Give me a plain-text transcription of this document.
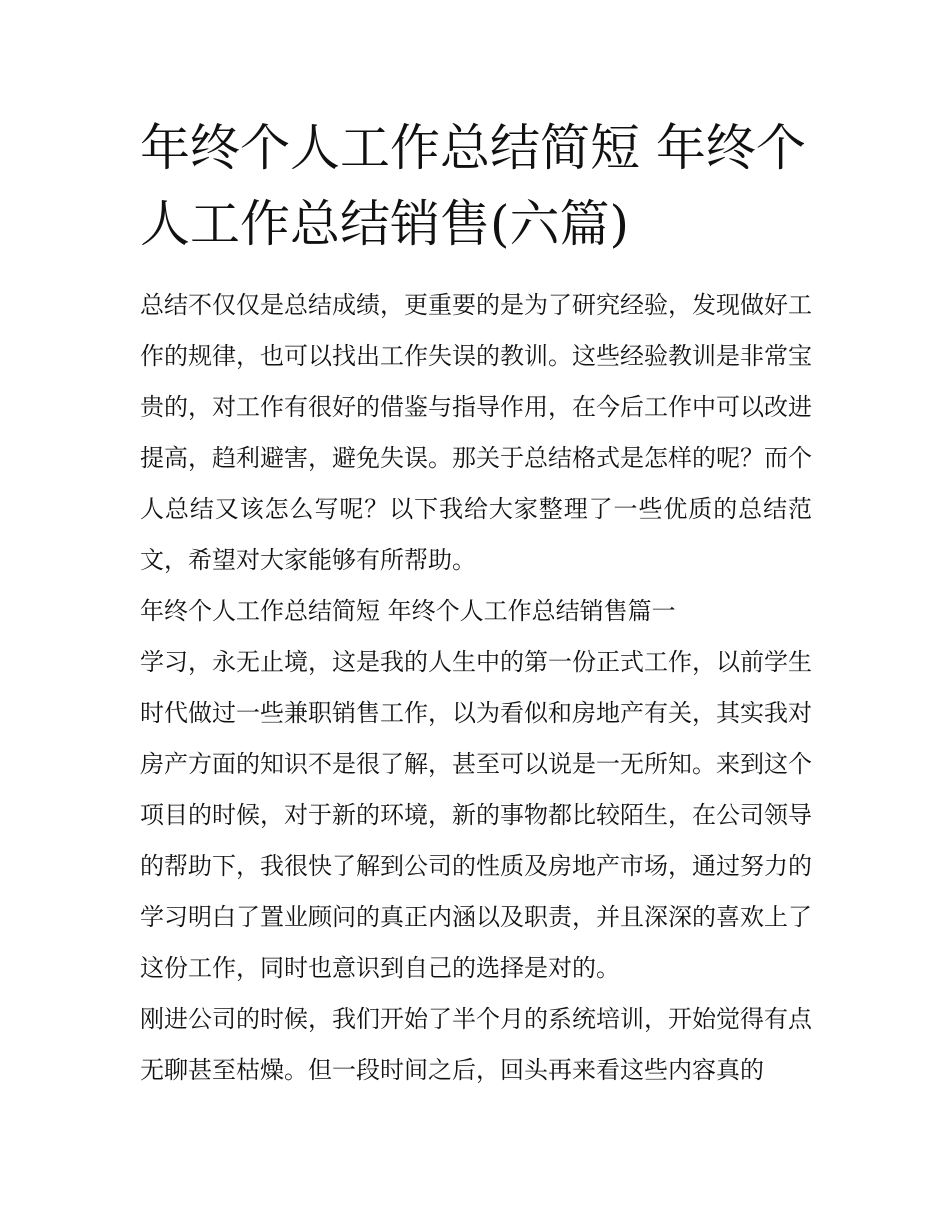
年终个人工作总结简短 年终个人工作总结销售(六篇)

总结不仅仅是总结成绩，更重要的是为了研究经验，发现做好工作的规律，也可以找出工作失误的教训。这些经验教训是非常宝贵的，对工作有很好的借鉴与指导作用，在今后工作中可以改进提高，趋利避害，避免失误。那关于总结格式是怎样的呢？而个人总结又该怎么写呢？以下我给大家整理了一些优质的总结范文，希望对大家能够有所帮助。

年终个人工作总结简短 年终个人工作总结销售篇一

学习，永无止境，这是我的人生中的第一份正式工作，以前学生时代做过一些兼职销售工作，以为看似和房地产有关，其实我对房产方面的知识不是很了解，甚至可以说是一无所知。来到这个项目的时候，对于新的环境，新的事物都比较陌生，在公司领导的帮助下，我很快了解到公司的性质及房地产市场，通过努力的学习明白了置业顾问的真正内涵以及职责，并且深深的喜欢上了这份工作，同时也意识到自己的选择是对的。

刚进公司的时候，我们开始了半个月的系统培训，开始觉得有点无聊甚至枯燥。但一段时间之后，回头再来看这些内容真的
